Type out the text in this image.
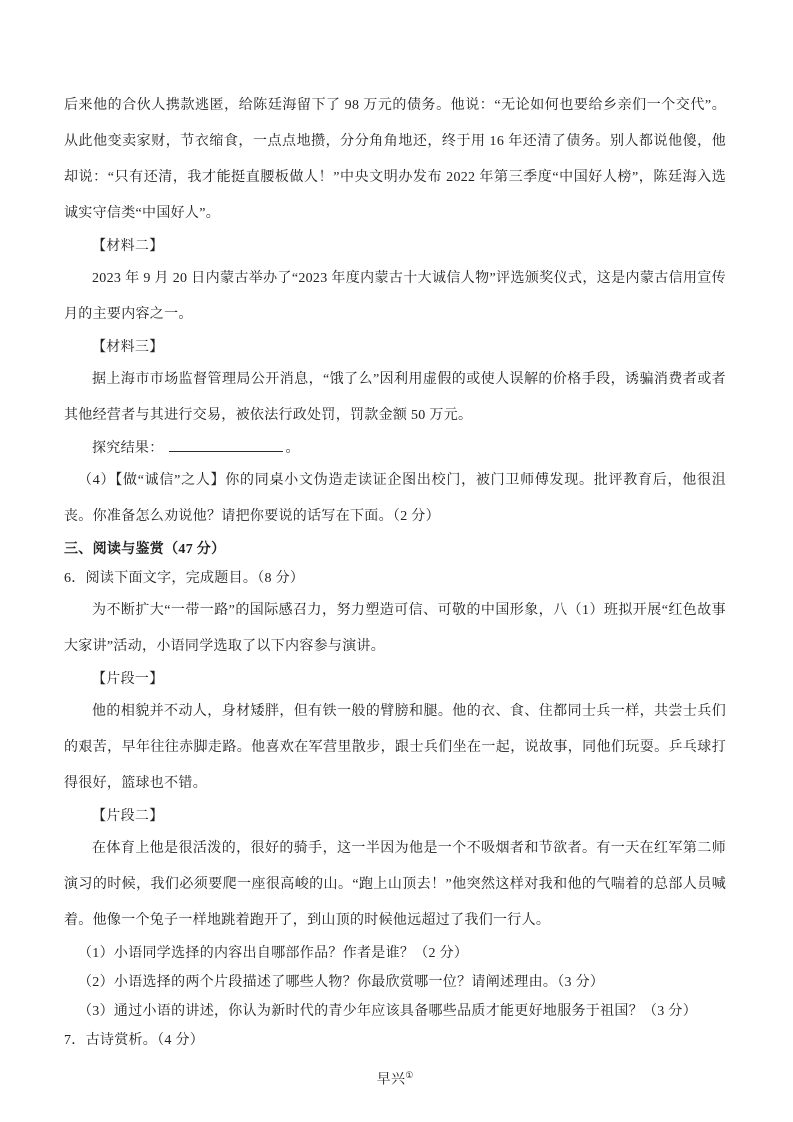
后来他的合伙人携款逃匿，给陈廷海留下了 98 万元的债务。他说：“无论如何也要给乡亲们一个交代”。从此他变卖家财，节衣缩食，一点点地攒，分分角角地还，终于用 16 年还清了债务。别人都说他傻，他却说：“只有还清，我才能挺直腰板做人！”中央文明办发布 2022 年第三季度“中国好人榜”，陈廷海入选诚实守信类“中国好人”。

【材料二】

2023 年 9 月 20 日内蒙古举办了“2023 年度内蒙古十大诚信人物”评选颁奖仪式，这是内蒙古信用宣传月的主要内容之一。

【材料三】

据上海市市场监督管理局公开消息，“饿了么”因利用虚假的或使人误解的价格手段，诱骗消费者或者其他经营者与其进行交易，被依法行政处罚，罚款金额 50 万元。

探究结果：	。

（4）【做“诚信”之人】你的同桌小文伪造走读证企图出校门，被门卫师傅发现。批评教育后，他很沮丧。你准备怎么劝说他？请把你要说的话写在下面。（2 分）

三、阅读与鉴赏（47 分）

6．阅读下面文字，完成题目。（8 分）

为不断扩大“一带一路”的国际感召力，努力塑造可信、可敬的中国形象，八（1）班拟开展“红色故事大家讲”活动，小语同学选取了以下内容参与演讲。

【片段一】

他的相貌并不动人，身材矮胖，但有铁一般的臂膀和腿。他的衣、食、住都同士兵一样，共尝士兵们的艰苦，早年往往赤脚走路。他喜欢在军营里散步，跟士兵们坐在一起，说故事，同他们玩耍。乒乓球打得很好，篮球也不错。

【片段二】

在体育上他是很活泼的，很好的骑手，这一半因为他是一个不吸烟者和节欲者。有一天在红军第二师演习的时候，我们必须要爬一座很高峻的山。“跑上山顶去！”他突然这样对我和他的气喘着的总部人员喊着。他像一个兔子一样地跳着跑开了，到山顶的时候他远超过了我们一行人。

（1）小语同学选择的内容出自哪部作品？作者是谁？（2 分）

（2）小语选择的两个片段描述了哪些人物？你最欣赏哪一位？请阐述理由。（3 分）

（3）通过小语的讲述，你认为新时代的青少年应该具备哪些品质才能更好地服务于祖国？（3 分）

7．古诗赏析。（4 分）

早兴①
